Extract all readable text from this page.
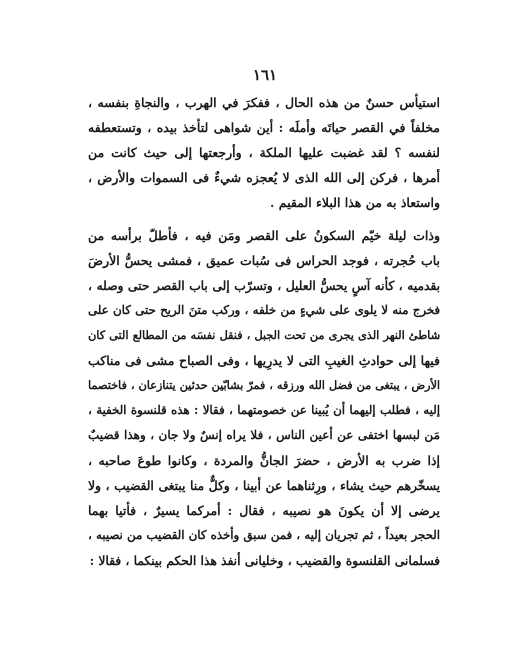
١٦١
استيأس حسنٌ من هذه الحال ، ففكرَ في الهرب ، والنجاةِ بنفسه ،
مخلفاً في القصر حياتَه وأملَه : أين شواهى لتأخذ بيده ، وتستعطفه
لنفسه ؟ لقد غضبت عليها الملكة ، وأرجعتها إلى حيث كانت من
أمرها ، فركن إلى الله الذى لا يُعجزه شيءٌ فى السموات والأرض ،
واستعاذ به من هذا البلاء المقيم .
وذات ليلة خيّم السكونُ على القصر ومَن فيه ، فأطلّ برأسه من
باب حُجرته ، فوجد الحراس فى سُبات عميق ، فمشى يحسُّ الأرضَ
بقدميه ، كأنه آسٍ يحسُّ العليل ، وتسرّب إلى باب القصر حتى وصله ،
فخرج منه لا يلوى على شيءٍ من خلفه ، وركب متنَ الريح حتى كان على
شاطئ النهر الذى يجرى من تحت الجبل ، فنقل نفسَه من المطالع التى كان
فيها إلى حوادثِ الغيبِ التى لا يدرِيها ، وفى الصباح مشى فى مناكب
الأرض ، يبتغى من فضل الله ورزقه ، فمرّ بشابّين حدثين يتنازعان ، فاختصما
إليه ، فطلب إليهما أن يُبينا عن خصومتهما ، فقالا : هذه قلنسوة الخفية ،
مَن لبسها اختفى عن أعين الناس ، فلا يراه إنسٌ ولا جان ، وهذا قضيبٌ
إذا ضرب به الأرض ، حضرَ الجانُّ والمردة ، وكانوا طوعَ صاحبه ،
يسخّرهم حيث يشاء ، ورِثناهما عن أبينا ، وكلٌّ منا يبتغى القضيب ، ولا
يرضى إلا أن يكونَ هو نصيبه ، فقال : أمركما يسيرٌ ، فأتيا بهما
الحجر بعيداً ، ثم تجريان إليه ، فمن سبق وأخذه كان القضيب من نصيبه ،
فسلمانى القلنسوة والقضيب ، وخليانى أنفذ هذا الحكم بينكما ، فقالا :
